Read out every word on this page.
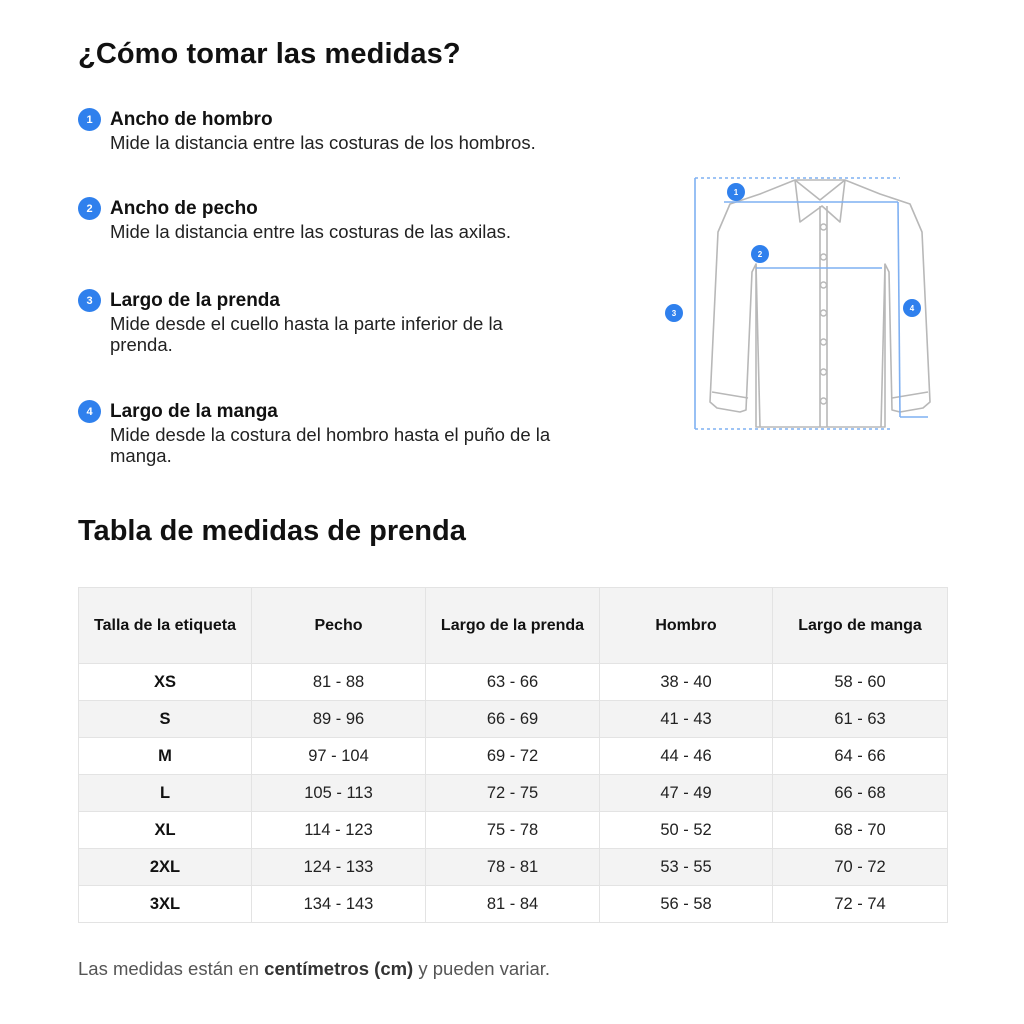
¿Cómo tomar las medidas?
1 Ancho de hombro
Mide la distancia entre las costuras de los hombros.
2 Ancho de pecho
Mide la distancia entre las costuras de las axilas.
3 Largo de la prenda
Mide desde el cuello hasta la parte inferior de la prenda.
4 Largo de la manga
Mide desde la costura del hombro hasta el puño de la manga.
1
2
3
4
Tabla de medidas de prenda
Talla de la etiqueta	Pecho	Largo de la prenda	Hombro	Largo de manga
XS	81 - 88	63 - 66	38 - 40	58 - 60
S	89 - 96	66 - 69	41 - 43	61 - 63
M	97 - 104	69 - 72	44 - 46	64 - 66
L	105 - 113	72 - 75	47 - 49	66 - 68
XL	114 - 123	75 - 78	50 - 52	68 - 70
2XL	124 - 133	78 - 81	53 - 55	70 - 72
3XL	134 - 143	81 - 84	56 - 58	72 - 74
Las medidas están en centímetros (cm) y pueden variar.
